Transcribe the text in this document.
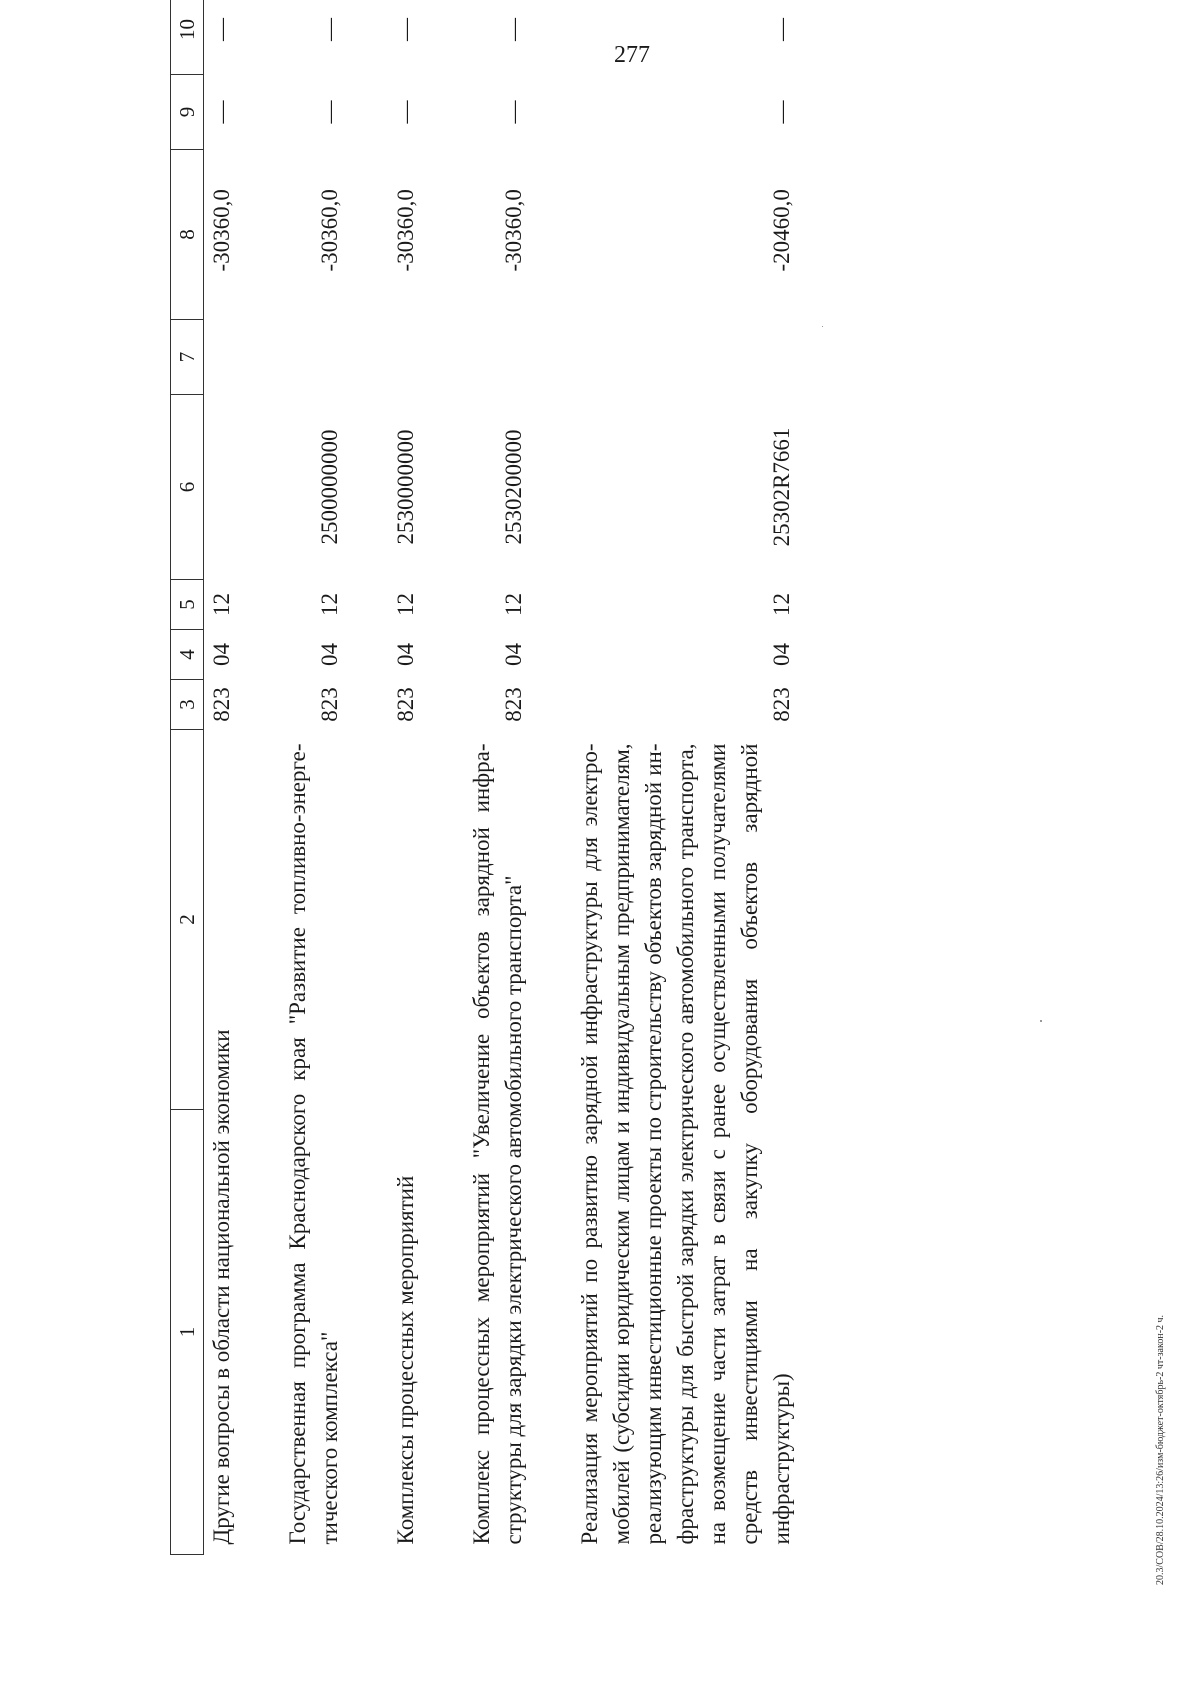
277
1	2	3	4	5	6	7	8	9	10
Другие вопросы в области национальной экономики		823	04	12			-30360,0	—	—

Государственная программа Краснодарского края "Развитие топливно-энергетического комплекса"		823	04	12	2500000000		-30360,0	—	—

Комплексы процессных мероприятий		823	04	12	2530000000		-30360,0	—	—

Комплекс процессных мероприятий "Увеличение объектов зарядной инфраструктуры для зарядки электрического автомобильного транспорта"		823	04	12	2530200000		-30360,0	—	—

Реализация мероприятий по развитию зарядной инфраструктуры для электромобилей (субсидии юридическим лицам и индивидуальным предпринимателям, реализующим инвестиционные проекты по строительству объектов зарядной инфраструктуры для быстрой зарядки электрического автомобильного транспорта, на возмещение части затрат в связи с ранее осуществленными получателями средств инвестициями на закупку оборудования объектов зарядной инфраструктуры)		823	04	12	25302R7661		-20460,0	—	—
20.3/СОВ/28.10.2024/13:26/изм-бюджет-октябрь-2 чт-закон-2 ч.
